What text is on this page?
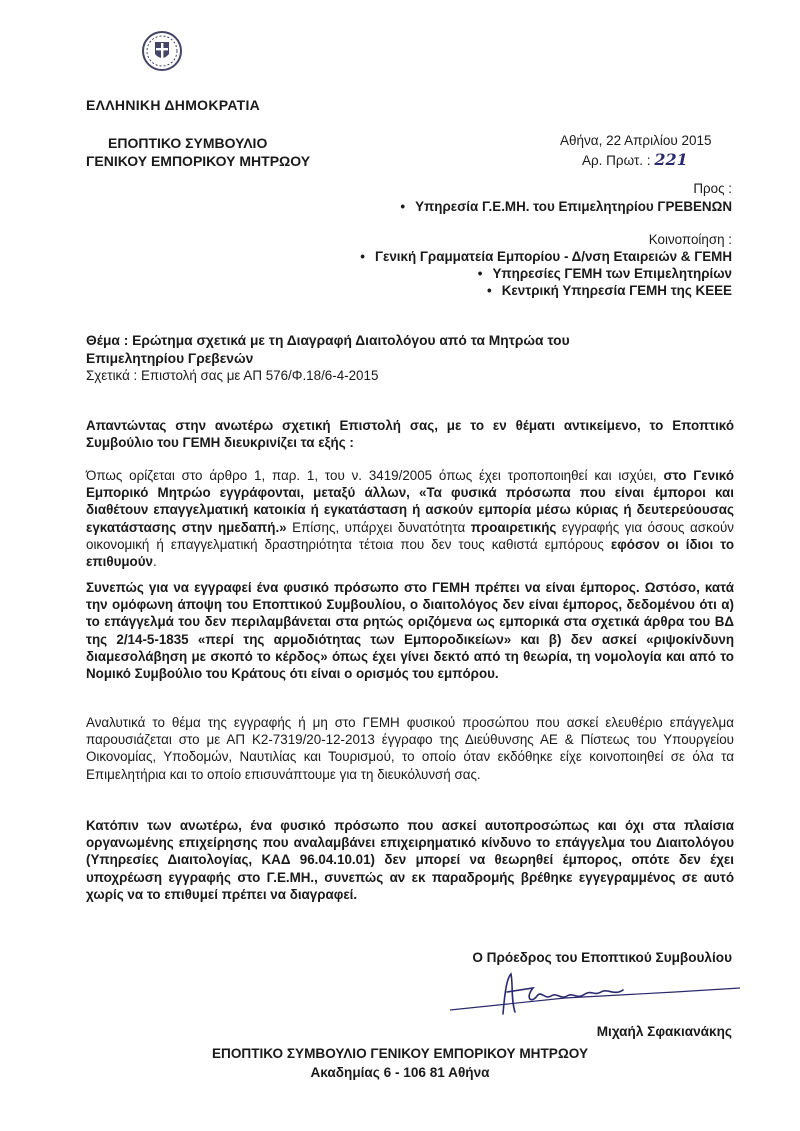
ΕΛΛΗΝΙΚΗ ΔΗΜΟΚΡΑΤΙΑ
ΕΠΟΠΤΙΚΟ ΣΥΜΒΟΥΛΙΟ
ΓΕΝΙΚΟΥ ΕΜΠΟΡΙΚΟΥ ΜΗΤΡΩΟΥ
Αθήνα, 22 Απριλίου 2015
Αρ. Πρωτ. : 221
Προς :
• Υπηρεσία Γ.Ε.ΜΗ. του Επιμελητηρίου ΓΡΕΒΕΝΩΝ
Κοινοποίηση :
• Γενική Γραμματεία Εμπορίου - Δ/νση Εταιρειών & ΓΕΜΗ
• Υπηρεσίες ΓΕΜΗ των Επιμελητηρίων
• Κεντρική Υπηρεσία ΓΕΜΗ της ΚΕΕΕ
Θέμα : Ερώτημα σχετικά με τη Διαγραφή Διαιτολόγου από τα Μητρώα του
Επιμελητηρίου Γρεβενών
Σχετικά : Επιστολή σας με ΑΠ 576/Φ.18/6-4-2015
Απαντώντας στην ανωτέρω σχετική Επιστολή σας, με το εν θέματι αντικείμενο, το Εποπτικό Συμβούλιο του ΓΕΜΗ διευκρινίζει τα εξής :
Όπως ορίζεται στο άρθρο 1, παρ. 1, του ν. 3419/2005 όπως έχει τροποποιηθεί και ισχύει, στο Γενικό Εμπορικό Μητρώο εγγράφονται, μεταξύ άλλων, «Τα φυσικά πρόσωπα που είναι έμποροι και διαθέτουν επαγγελματική κατοικία ή εγκατάσταση ή ασκούν εμπορία μέσω κύριας ή δευτερεύουσας εγκατάστασης στην ημεδαπή.» Επίσης, υπάρχει δυνατότητα προαιρετικής εγγραφής για όσους ασκούν οικονομική ή επαγγελματική δραστηριότητα τέτοια που δεν τους καθιστά εμπόρους εφόσον οι ίδιοι το επιθυμούν.
Συνεπώς για να εγγραφεί ένα φυσικό πρόσωπο στο ΓΕΜΗ πρέπει να είναι έμπορος. Ωστόσο, κατά την ομόφωνη άποψη του Εποπτικού Συμβουλίου, ο διαιτολόγος δεν είναι έμπορος, δεδομένου ότι α) το επάγγελμά του δεν περιλαμβάνεται στα ρητώς οριζόμενα ως εμπορικά στα σχετικά άρθρα του ΒΔ της 2/14-5-1835 «περί της αρμοδιότητας των Εμποροδικείων» και β) δεν ασκεί «ριψοκίνδυνη διαμεσολάβηση με σκοπό το κέρδος» όπως έχει γίνει δεκτό από τη θεωρία, τη νομολογία και από το Νομικό Συμβούλιο του Κράτους ότι είναι ο ορισμός του εμπόρου.
Αναλυτικά το θέμα της εγγραφής ή μη στο ΓΕΜΗ φυσικού προσώπου που ασκεί ελευθέριο επάγγελμα παρουσιάζεται στο με ΑΠ Κ2-7319/20-12-2013 έγγραφο της Διεύθυνσης ΑΕ & Πίστεως του Υπουργείου Οικονομίας, Υποδομών, Ναυτιλίας και Τουρισμού, το οποίο όταν εκδόθηκε είχε κοινοποιηθεί σε όλα τα Επιμελητήρια και το οποίο επισυνάπτουμε για τη διευκόλυνσή σας.
Κατόπιν των ανωτέρω, ένα φυσικό πρόσωπο που ασκεί αυτοπροσώπως και όχι στα πλαίσια οργανωμένης επιχείρησης που αναλαμβάνει επιχειρηματικό κίνδυνο το επάγγελμα του Διαιτολόγου (Υπηρεσίες Διαιτολογίας, ΚΑΔ 96.04.10.01) δεν μπορεί να θεωρηθεί έμπορος, οπότε δεν έχει υποχρέωση εγγραφής στο Γ.Ε.ΜΗ., συνεπώς αν εκ παραδρομής βρέθηκε εγγεγραμμένος σε αυτό χωρίς να το επιθυμεί πρέπει να διαγραφεί.
Ο Πρόεδρος του Εποπτικού Συμβουλίου
Μιχαήλ Σφακιανάκης
ΕΠΟΠΤΙΚΟ ΣΥΜΒΟΥΛΙΟ ΓΕΝΙΚΟΥ ΕΜΠΟΡΙΚΟΥ ΜΗΤΡΩΟΥ
Ακαδημίας 6 - 106 81 Αθήνα
